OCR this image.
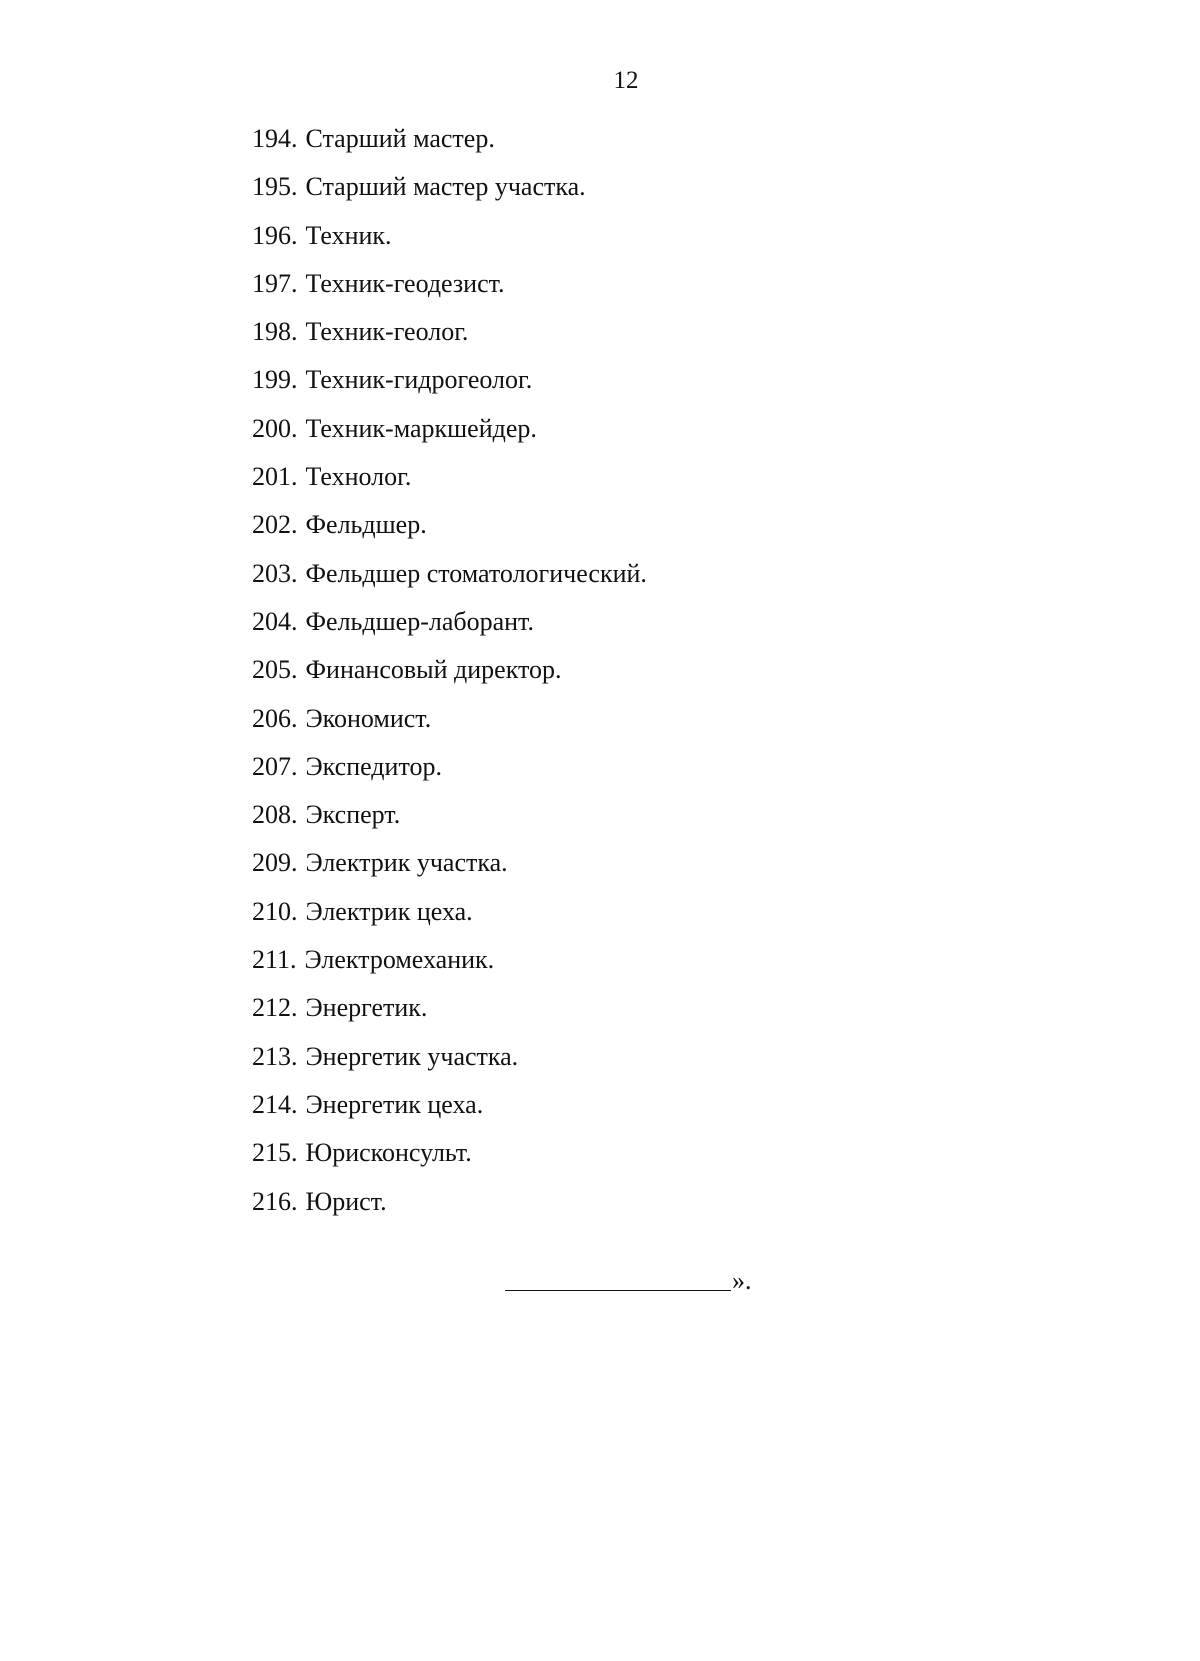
12
194. Старший мастер.
195. Старший мастер участка.
196. Техник.
197. Техник-геодезист.
198. Техник-геолог.
199. Техник-гидрогеолог.
200. Техник-маркшейдер.
201. Технолог.
202. Фельдшер.
203. Фельдшер стоматологический.
204. Фельдшер-лаборант.
205. Финансовый директор.
206. Экономист.
207. Экспедитор.
208. Эксперт.
209. Электрик участка.
210. Электрик цеха.
211. Электромеханик.
212. Энергетик.
213. Энергетик участка.
214. Энергетик цеха.
215. Юрисконсульт.
216. Юрист.
».
